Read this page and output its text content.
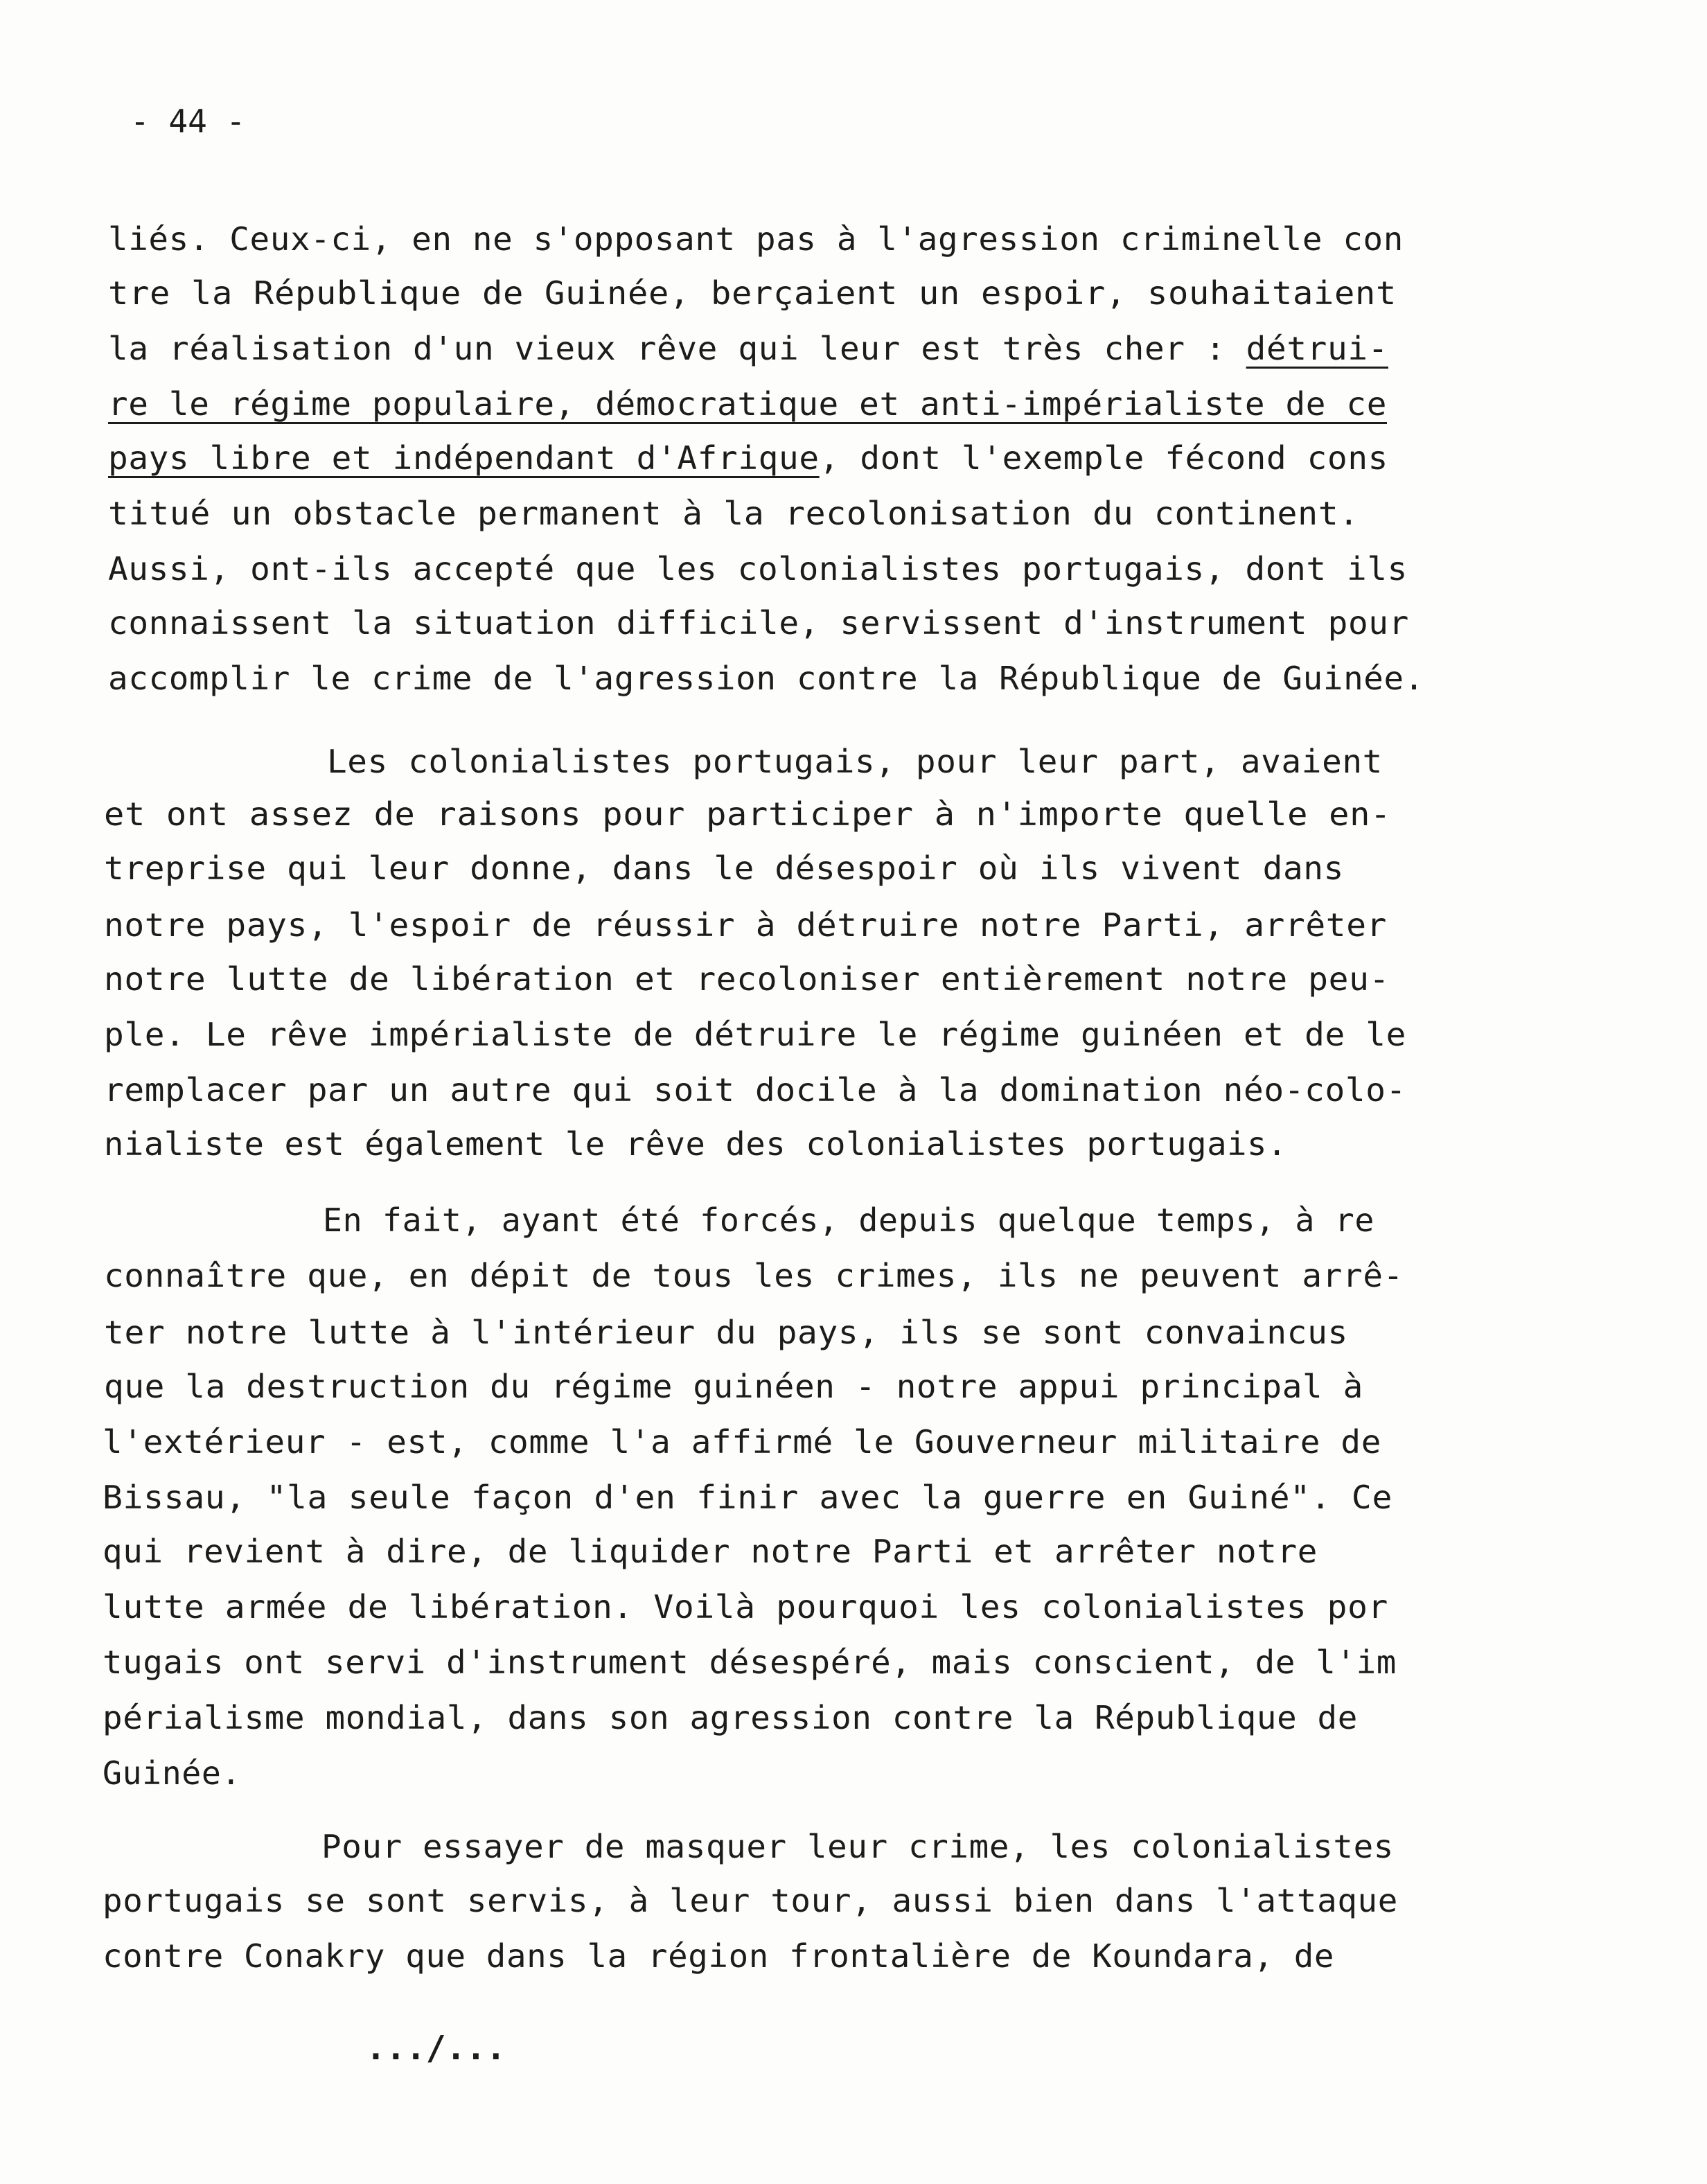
- 44 -
liés. Ceux-ci, en ne s'opposant pas à l'agression criminelle con
tre la République de Guinée, berçaient un espoir, souhaitaient
la réalisation d'un vieux rêve qui leur est très cher : détrui-
re le régime populaire, démocratique et anti-impérialiste de ce
pays libre et indépendant d'Afrique, dont l'exemple fécond cons
titué un obstacle permanent à la recolonisation du continent.
Aussi, ont-ils accepté que les colonialistes portugais, dont ils
connaissent la situation difficile, servissent d'instrument pour
accomplir le crime de l'agression contre la République de Guinée.
Les colonialistes portugais, pour leur part, avaient
et ont assez de raisons pour participer à n'importe quelle en-
treprise qui leur donne, dans le désespoir où ils vivent dans
notre pays, l'espoir de réussir à détruire notre Parti, arrêter
notre lutte de libération et recoloniser entièrement notre peu-
ple. Le rêve impérialiste de détruire le régime guinéen et de le
remplacer par un autre qui soit docile à la domination néo-colo-
nialiste est également le rêve des colonialistes portugais.
En fait, ayant été forcés, depuis quelque temps, à re
connaître que, en dépit de tous les crimes, ils ne peuvent arrê-
ter notre lutte à l'intérieur du pays, ils se sont convaincus
que la destruction du régime guinéen - notre appui principal à
l'extérieur - est, comme l'a affirmé le Gouverneur militaire de
Bissau, "la seule façon d'en finir avec la guerre en Guiné". Ce
qui revient à dire, de liquider notre Parti et arrêter notre
lutte armée de libération. Voilà pourquoi les colonialistes por
tugais ont servi d'instrument désespéré, mais conscient, de l'im
périalisme mondial, dans son agression contre la République de
Guinée.
Pour essayer de masquer leur crime, les colonialistes
portugais se sont servis, à leur tour, aussi bien dans l'attaque
contre Conakry que dans la région frontalière de Koundara, de
.../...
